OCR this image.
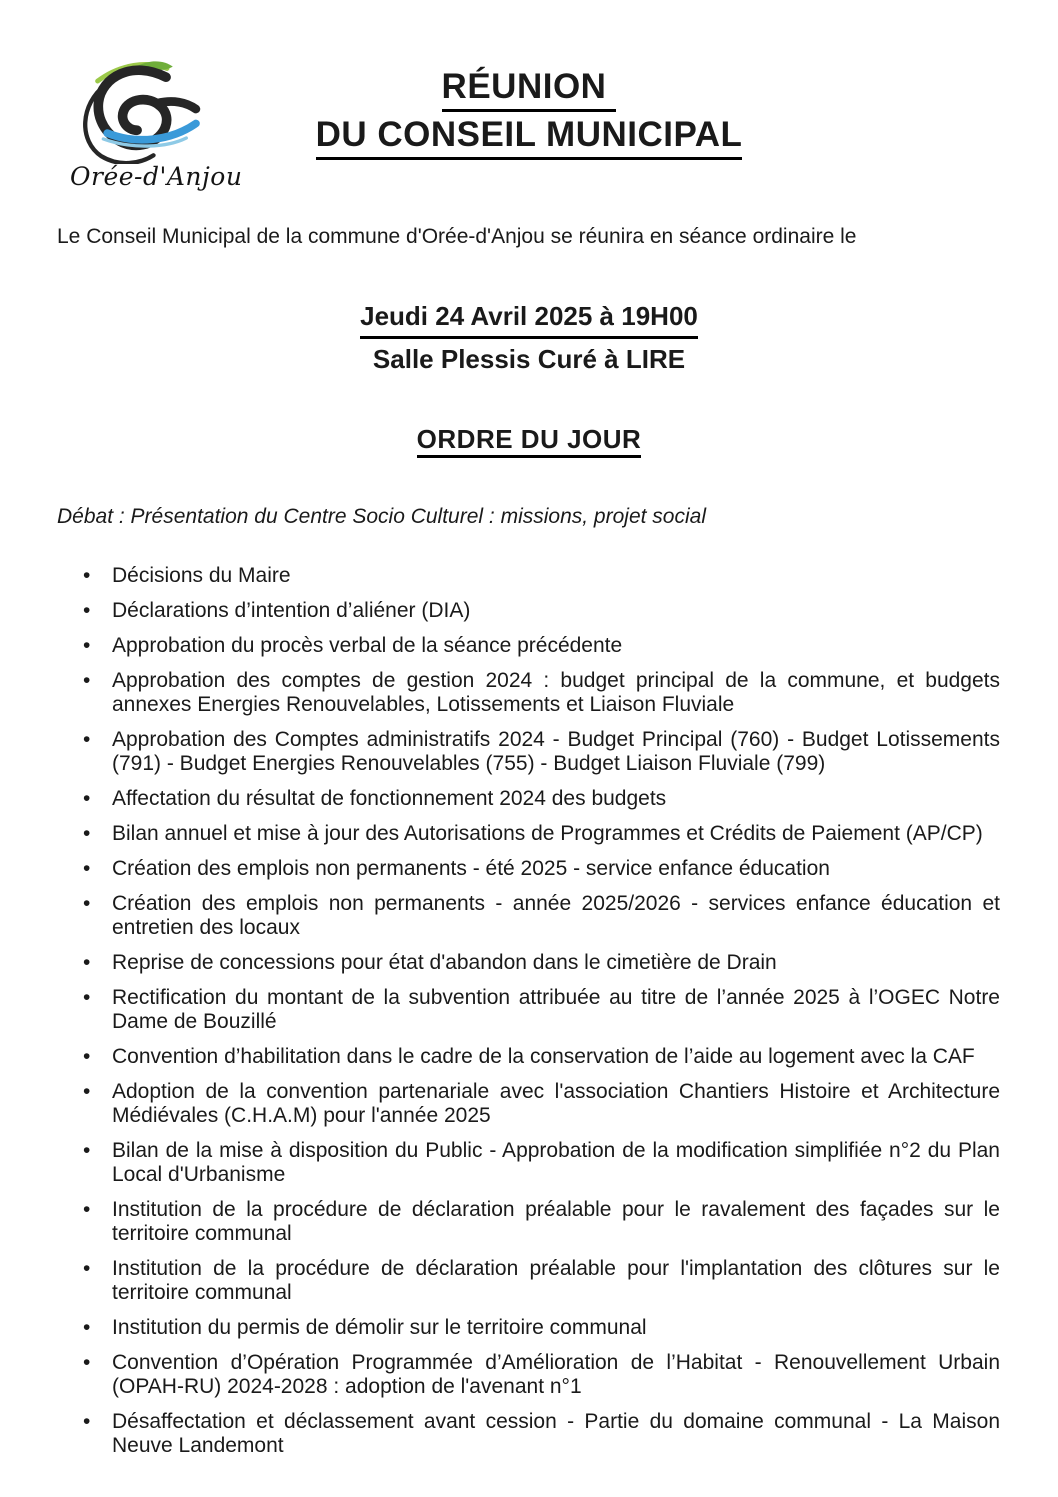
Orée-d'Anjou
RÉUNION
DU CONSEIL MUNICIPAL

Le Conseil Municipal de la commune d'Orée-d'Anjou se réunira en séance ordinaire le

Jeudi 24 Avril 2025 à 19H00
Salle Plessis Curé à LIRE
ORDRE DU JOUR

Débat : Présentation du Centre Socio Culturel : missions, projet social

• Décisions du Maire
• Déclarations d’intention d’aliéner (DIA)
• Approbation du procès verbal de la séance précédente
• Approbation des comptes de gestion 2024 : budget principal de la commune, et budgets annexes Energies Renouvelables, Lotissements et Liaison Fluviale
• Approbation des Comptes administratifs 2024 - Budget Principal (760) - Budget Lotissements (791) - Budget Energies Renouvelables (755) - Budget Liaison Fluviale (799)
• Affectation du résultat de fonctionnement 2024 des budgets
• Bilan annuel et mise à jour des Autorisations de Programmes et Crédits de Paiement (AP/CP)
• Création des emplois non permanents - été 2025 - service enfance éducation
• Création des emplois non permanents - année 2025/2026 - services enfance éducation et entretien des locaux
• Reprise de concessions pour état d'abandon dans le cimetière de Drain
• Rectification du montant de la subvention attribuée au titre de l’année 2025 à l’OGEC Notre Dame de Bouzillé
• Convention d’habilitation dans le cadre de la conservation de l’aide au logement avec la CAF
• Adoption de la convention partenariale avec l'association Chantiers Histoire et Architecture Médiévales (C.H.A.M) pour l'année 2025
• Bilan de la mise à disposition du Public - Approbation de la modification simplifiée n°2 du Plan Local d'Urbanisme
• Institution de la procédure de déclaration préalable pour le ravalement des façades sur le territoire communal
• Institution de la procédure de déclaration préalable pour l'implantation des clôtures sur le territoire communal
• Institution du permis de démolir sur le territoire communal
• Convention d’Opération Programmée d’Amélioration de l’Habitat - Renouvellement Urbain (OPAH-RU) 2024-2028 : adoption de l'avenant n°1
• Désaffectation et déclassement avant cession - Partie du domaine communal - La Maison Neuve Landemont
